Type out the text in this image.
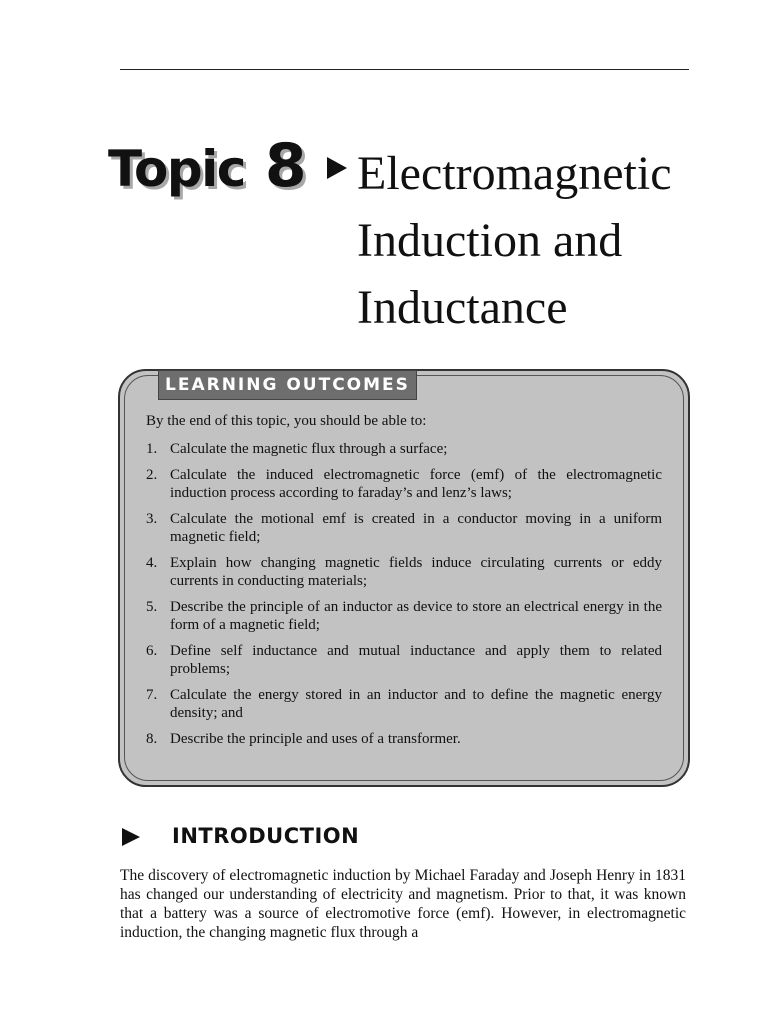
Topic 8 Electromagnetic
Induction and
Inductance
LEARNING OUTCOMES
By the end of this topic, you should be able to:
1. Calculate the magnetic flux through a surface;
2. Calculate the induced electromagnetic force (emf) of the electromagnetic induction process according to faraday’s and lenz’s laws;
3. Calculate the motional emf is created in a conductor moving in a uniform magnetic field;
4. Explain how changing magnetic fields induce circulating currents or eddy currents in conducting materials;
5. Describe the principle of an inductor as device to store an electrical energy in the form of a magnetic field;
6. Define self inductance and mutual inductance and apply them to related problems;
7. Calculate the energy stored in an inductor and to define the magnetic energy density; and
8. Describe the principle and uses of a transformer.
INTRODUCTION

The discovery of electromagnetic induction by Michael Faraday and Joseph Henry in 1831 has changed our understanding of electricity and magnetism. Prior to that, it was known that a battery was a source of electromotive force (emf). However, in electromagnetic induction, the changing magnetic flux through a
